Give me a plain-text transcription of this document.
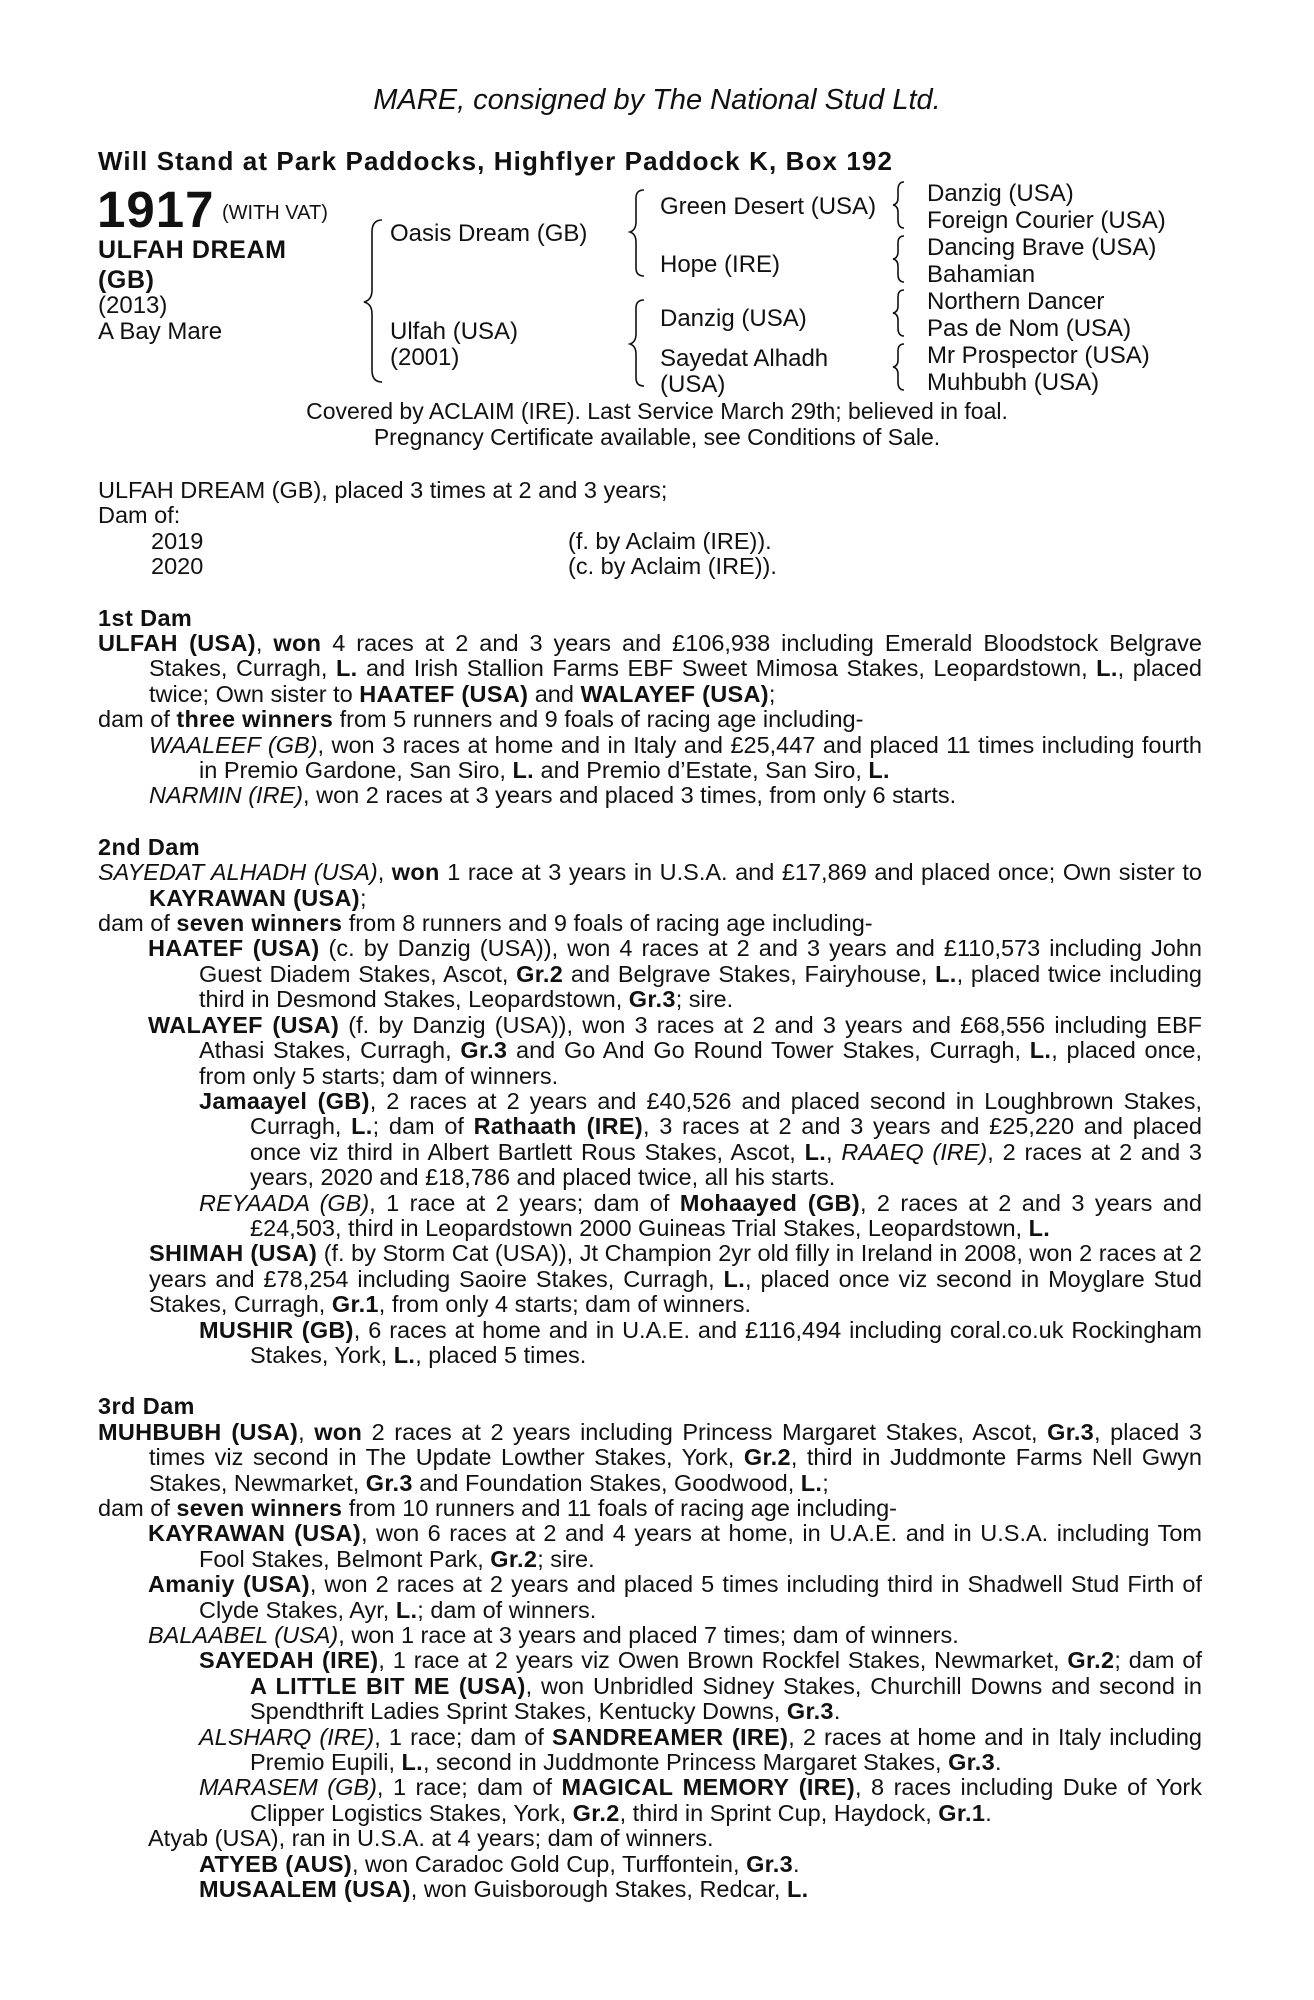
MARE, consigned by The National Stud Ltd.
Will Stand at Park Paddocks, Highflyer Paddock K, Box 192
1917 (WITH VAT)
ULFAH DREAM
(GB)
(2013)
A Bay Mare
Oasis Dream (GB)
Ulfah (USA)
(2001)
Green Desert (USA)
Hope (IRE)
Danzig (USA)
Sayedat Alhadh
(USA)
Danzig (USA)
Foreign Courier (USA)
Dancing Brave (USA)
Bahamian
Northern Dancer
Pas de Nom (USA)
Mr Prospector (USA)
Muhbubh (USA)
Covered by ACLAIM (IRE). Last Service March 29th; believed in foal.
Pregnancy Certificate available, see Conditions of Sale.
ULFAH DREAM (GB), placed 3 times at 2 and 3 years;
Dam of:
2019	(f. by Aclaim (IRE)).
2020	(c. by Aclaim (IRE)).
1st Dam
ULFAH (USA), won 4 races at 2 and 3 years and £106,938 including Emerald Bloodstock Belgrave Stakes, Curragh, L. and Irish Stallion Farms EBF Sweet Mimosa Stakes, Leopardstown, L., placed twice; Own sister to HAATEF (USA) and WALAYEF (USA);
dam of three winners from 5 runners and 9 foals of racing age including-
WAALEEF (GB), won 3 races at home and in Italy and £25,447 and placed 11 times including fourth in Premio Gardone, San Siro, L. and Premio d’Estate, San Siro, L.
NARMIN (IRE), won 2 races at 3 years and placed 3 times, from only 6 starts.
2nd Dam
SAYEDAT ALHADH (USA), won 1 race at 3 years in U.S.A. and £17,869 and placed once; Own sister to KAYRAWAN (USA);
dam of seven winners from 8 runners and 9 foals of racing age including-
HAATEF (USA) (c. by Danzig (USA)), won 4 races at 2 and 3 years and £110,573 including John Guest Diadem Stakes, Ascot, Gr.2 and Belgrave Stakes, Fairyhouse, L., placed twice including third in Desmond Stakes, Leopardstown, Gr.3; sire.
WALAYEF (USA) (f. by Danzig (USA)), won 3 races at 2 and 3 years and £68,556 including EBF Athasi Stakes, Curragh, Gr.3 and Go And Go Round Tower Stakes, Curragh, L., placed once, from only 5 starts; dam of winners.
Jamaayel (GB), 2 races at 2 years and £40,526 and placed second in Loughbrown Stakes, Curragh, L.; dam of Rathaath (IRE), 3 races at 2 and 3 years and £25,220 and placed once viz third in Albert Bartlett Rous Stakes, Ascot, L., RAAEQ (IRE), 2 races at 2 and 3 years, 2020 and £18,786 and placed twice, all his starts.
REYAADA (GB), 1 race at 2 years; dam of Mohaayed (GB), 2 races at 2 and 3 years and £24,503, third in Leopardstown 2000 Guineas Trial Stakes, Leopardstown, L.
SHIMAH (USA) (f. by Storm Cat (USA)), Jt Champion 2yr old filly in Ireland in 2008, won 2 races at 2 years and £78,254 including Saoire Stakes, Curragh, L., placed once viz second in Moyglare Stud Stakes, Curragh, Gr.1, from only 4 starts; dam of winners.
MUSHIR (GB), 6 races at home and in U.A.E. and £116,494 including coral.co.uk Rockingham Stakes, York, L., placed 5 times.
3rd Dam
MUHBUBH (USA), won 2 races at 2 years including Princess Margaret Stakes, Ascot, Gr.3, placed 3 times viz second in The Update Lowther Stakes, York, Gr.2, third in Juddmonte Farms Nell Gwyn Stakes, Newmarket, Gr.3 and Foundation Stakes, Goodwood, L.;
dam of seven winners from 10 runners and 11 foals of racing age including-
KAYRAWAN (USA), won 6 races at 2 and 4 years at home, in U.A.E. and in U.S.A. including Tom Fool Stakes, Belmont Park, Gr.2; sire.
Amaniy (USA), won 2 races at 2 years and placed 5 times including third in Shadwell Stud Firth of Clyde Stakes, Ayr, L.; dam of winners.
BALAABEL (USA), won 1 race at 3 years and placed 7 times; dam of winners.
SAYEDAH (IRE), 1 race at 2 years viz Owen Brown Rockfel Stakes, Newmarket, Gr.2; dam of A LITTLE BIT ME (USA), won Unbridled Sidney Stakes, Churchill Downs and second in Spendthrift Ladies Sprint Stakes, Kentucky Downs, Gr.3.
ALSHARQ (IRE), 1 race; dam of SANDREAMER (IRE), 2 races at home and in Italy including Premio Eupili, L., second in Juddmonte Princess Margaret Stakes, Gr.3.
MARASEM (GB), 1 race; dam of MAGICAL MEMORY (IRE), 8 races including Duke of York Clipper Logistics Stakes, York, Gr.2, third in Sprint Cup, Haydock, Gr.1.
Atyab (USA), ran in U.S.A. at 4 years; dam of winners.
ATYEB (AUS), won Caradoc Gold Cup, Turffontein, Gr.3.
MUSAALEM (USA), won Guisborough Stakes, Redcar, L.
